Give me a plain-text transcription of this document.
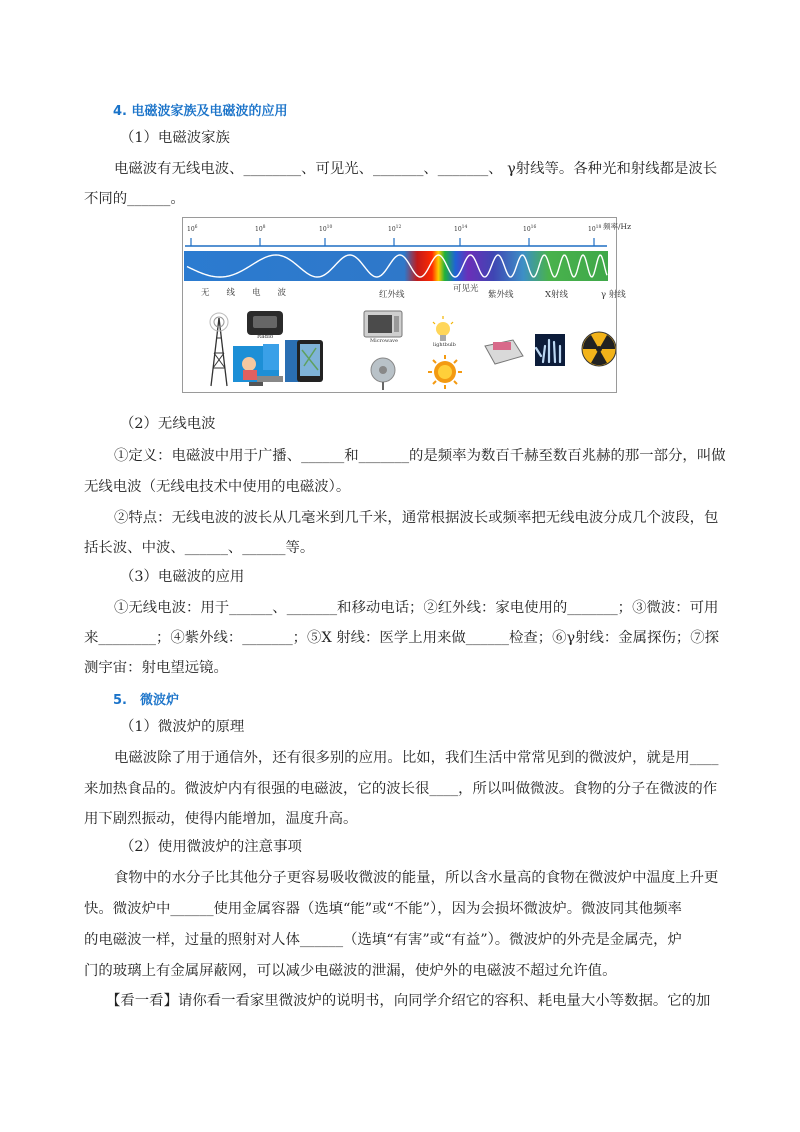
4. 电磁波家族及电磁波的应用
（1）电磁波家族
电磁波有无线电波、________、可见光、_______、_______、 γ射线等。各种光和射线都是波长
不同的______。
$10^6$	$10^8$	$10^{10}$	$10^{12}$	$10^{14}$	$10^{16}$	$10^{18}$ 频率/Hz
无　　线　　电　　波	红外线
可见光
紫外线	X射线	γ 射线
Radio
Microwave
lightbulb
（2）无线电波
①定义：电磁波中用于广播、______和_______的是频率为数百千赫至数百兆赫的那一部分，叫做
无线电波（无线电技术中使用的电磁波）。
②特点：无线电波的波长从几毫米到几千米，通常根据波长或频率把无线电波分成几个波段，包
括长波、中波、______、______等。
（3）电磁波的应用
①无线电波：用于______、_______和移动电话；②红外线：家电使用的_______；③微波：可用
来________；④紫外线：_______；⑤X 射线：医学上用来做______检查；⑥γ射线：金属探伤；⑦探
测宇宙：射电望远镜。
5.　微波炉
（1）微波炉的原理
电磁波除了用于通信外，还有很多别的应用。比如，我们生活中常常见到的微波炉，就是用____
来加热食品的。微波炉内有很强的电磁波，它的波长很____，所以叫做微波。食物的分子在微波的作
用下剧烈振动，使得内能增加，温度升高。
（2）使用微波炉的注意事项
食物中的水分子比其他分子更容易吸收微波的能量，所以含水量高的食物在微波炉中温度上升更
快。微波炉中______使用金属容器（选填“能”或“不能”），因为会损坏微波炉。微波同其他频率
的电磁波一样，过量的照射对人体______（选填“有害”或“有益”）。微波炉的外壳是金属壳，炉
门的玻璃上有金属屏蔽网，可以减少电磁波的泄漏，使炉外的电磁波不超过允许值。
【看一看】请你看一看家里微波炉的说明书，向同学介绍它的容积、耗电量大小等数据。它的加
